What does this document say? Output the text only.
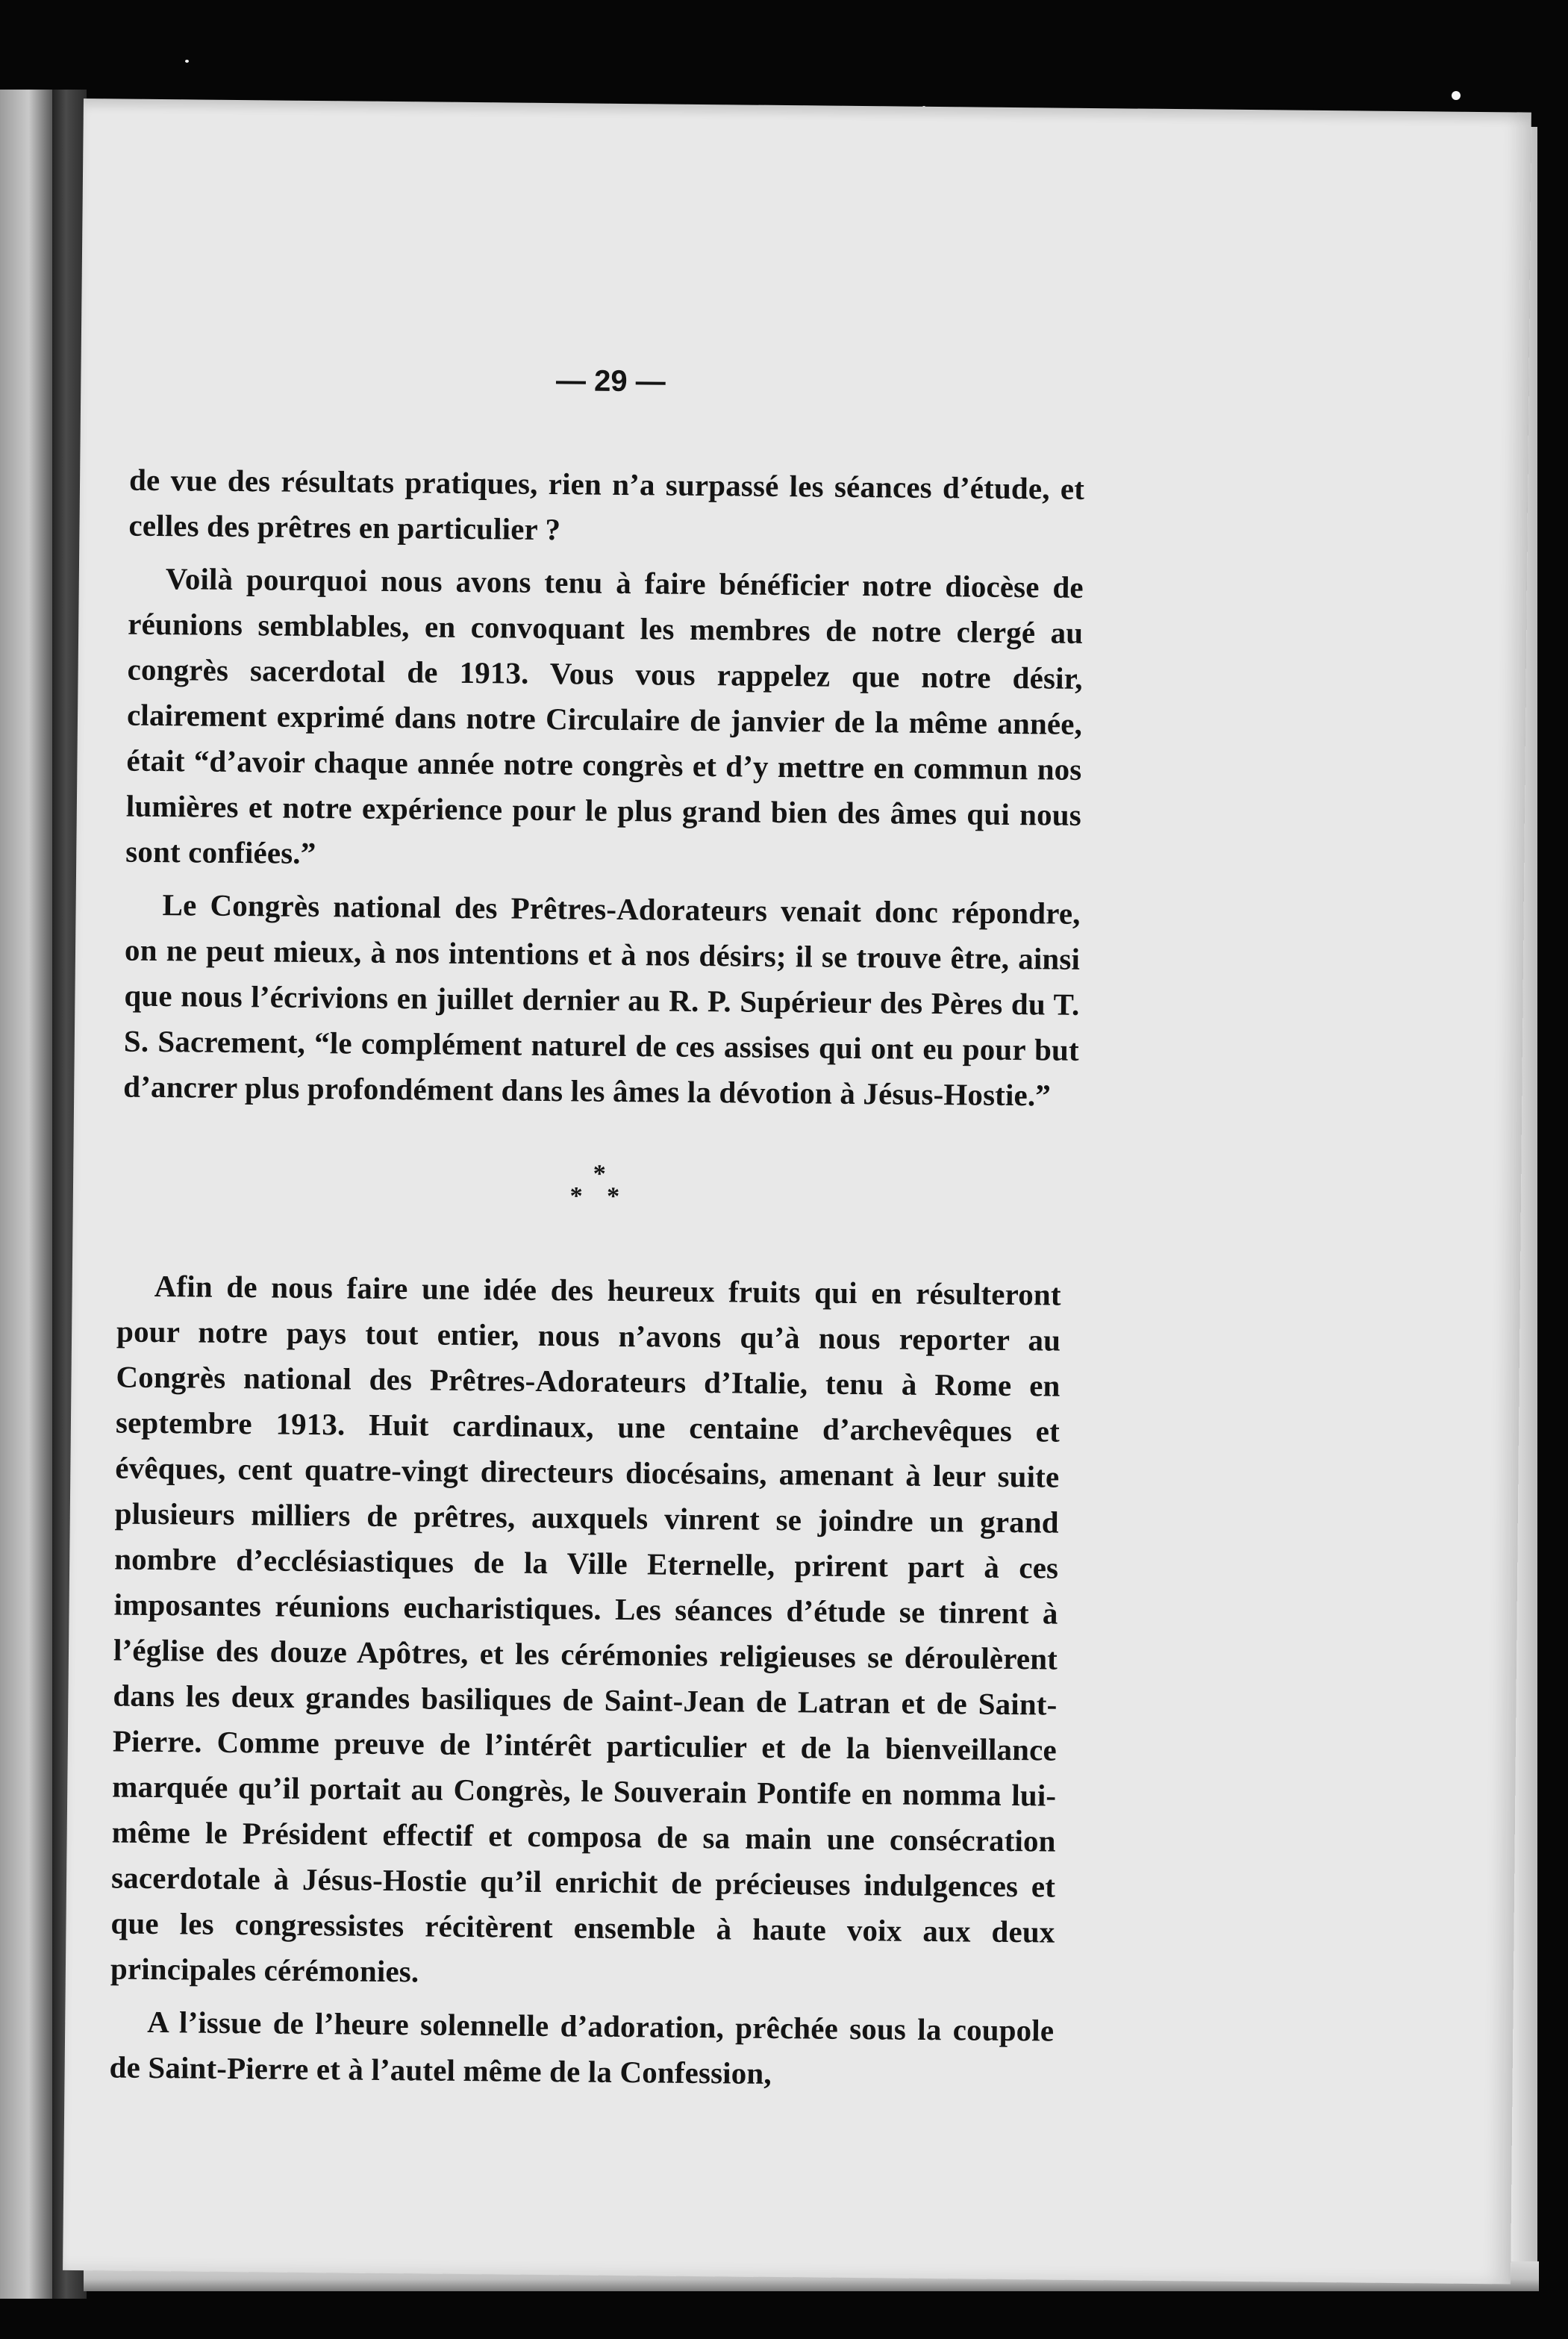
— 29 —

de vue des résultats pratiques, rien n’a surpassé les séances d’étude, et celles des prêtres en particulier ?

Voilà pourquoi nous avons tenu à faire bénéficier notre diocèse de réunions semblables, en convoquant les membres de notre clergé au congrès sacerdotal de 1913. Vous vous rappelez que notre désir, clairement exprimé dans notre Circulaire de janvier de la même année, était “d’avoir chaque année notre congrès et d’y mettre en commun nos lumières et notre expérience pour le plus grand bien des âmes qui nous sont confiées.”

Le Congrès national des Prêtres-Adorateurs venait donc répondre, on ne peut mieux, à nos intentions et à nos désirs; il se trouve être, ainsi que nous l’écrivions en juillet dernier au R. P. Supérieur des Pères du T. S. Sacrement, “le complément naturel de ces assises qui ont eu pour but d’ancrer plus profondément dans les âmes la dévotion à Jésus-Hostie.”

*
* *

Afin de nous faire une idée des heureux fruits qui en résulteront pour notre pays tout entier, nous n’avons qu’à nous reporter au Congrès national des Prêtres-Adorateurs d’Italie, tenu à Rome en septembre 1913. Huit cardinaux, une centaine d’archevêques et évêques, cent quatre-vingt directeurs diocésains, amenant à leur suite plusieurs milliers de prêtres, auxquels vinrent se joindre un grand nombre d’ecclésiastiques de la Ville Eternelle, prirent part à ces imposantes réunions eucharistiques. Les séances d’étude se tinrent à l’église des douze Apôtres, et les cérémonies religieuses se déroulèrent dans les deux grandes basiliques de Saint-Jean de Latran et de Saint-Pierre. Comme preuve de l’intérêt particulier et de la bienveillance marquée qu’il portait au Congrès, le Souverain Pontife en nomma lui-même le Président effectif et composa de sa main une consécration sacerdotale à Jésus-Hostie qu’il enrichit de précieuses indulgences et que les congressistes récitèrent ensemble à haute voix aux deux principales cérémonies.

A l’issue de l’heure solennelle d’adoration, prêchée sous la coupole de Saint-Pierre et à l’autel même de la Confession,
